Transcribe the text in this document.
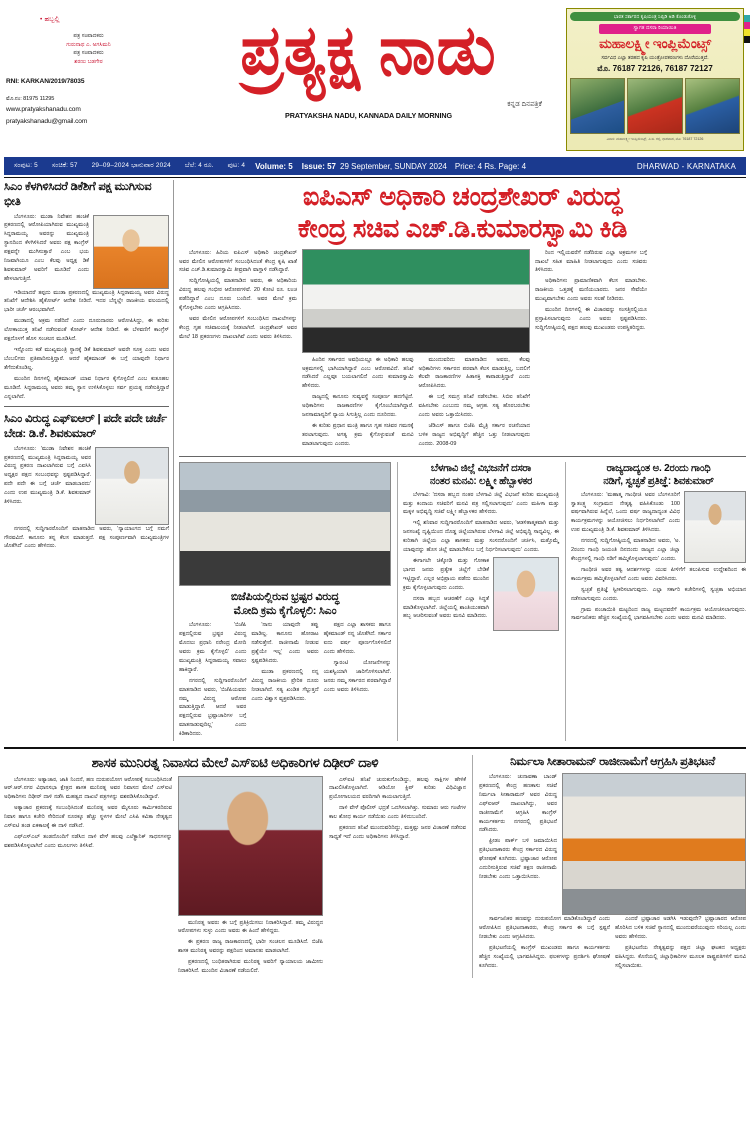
• ಹಬ್ಬಲ್ಲಿ
ಪತ್ರ ಸಂಪಾದಕರು
ಗುರುನಾಥ ಎ. ಅಗಸಿಮನಿ
ಪತ್ರ ಸಂಪಾದಕರು
ಶರಣು ಬಡಗೇರ
RNI: KARKAN/2019/78035
ಮೊ.ನಂ: 81975 11295
www.pratyakshanadu.com
pratyakshanadu@gmail.com
ಪ್ರತ್ಯಕ್ಷ ನಾಡು
ಕನ್ನಡ ದಿನಪತ್ರಿಕೆ
PRATYAKSHA NADU, KANNADA DAILY MORNING
ಭಾರತ ಸರ್ಕಾರದ ಕೃಷಿಯಂತ್ರ ಸಿಬ್ಸಿಡಿ ಅಡಿ ಕೊಂಡುಕೊಳ್ಳಿ
ಸ್ವಾಗತ ದಸರಾ ರಿಯಾಯಿತಿ
ಮಹಾಲಕ್ಷ್ಮೀ ಇಂಪ್ಲಿಮೆಂಟ್ಸ್
ಸರ್ವವಿಧ ಎಲ್ಲಾ ತರಹದ ಕೃಷಿ ಯಂತ್ರೋಪಕರಣಗಳು ದೊರೆಯುತ್ತವೆ.
ಮೊ. 76187 72126, 76187 72127
ವಿಳಾಸ: ಮಹಾಲಕ್ಷ್ಮೀ ಇಂಪ್ಲಿಮೆಂಟ್ಸ್, ಪಿ.ಬಿ. ರಸ್ತೆ, ಧಾರವಾಡ, ಮೊ: 76187 72126
ಸಂಪುಟ: 5 ಸಂಚಿಕೆ: 57 29–09–2024 ಭಾನುವಾರ 2024 ಬೆಲೆ: 4 ರೂ. ಪುಟ: 4 Volume: 5 Issue: 57 29 September, SUNDAY 2024 Price: 4 Rs. Page: 4	DHARWAD - KARNATAKA
ಸಿಎಂ ಕೆಳಗಿಳಿಸಿದರೆ ಡಿಕೆಶಿಗೆ ಪಕ್ಷ ಮುಗಿಸುವ ಭೀತಿ

ಬೆಂಗಳೂರು: ಮುಡಾ ನಿವೇಶನ ಹಂಚಿಕೆ ಪ್ರಕರಣದಲ್ಲಿ ಆರೋಪಿಯಾಗಿರುವ ಮುಖ್ಯಮಂತ್ರಿ ಸಿದ್ದರಾಮಯ್ಯ ಅವರನ್ನು ಮುಖ್ಯಮಂತ್ರಿ ಸ್ಥಾನದಿಂದ ಕೆಳಗಿಳಿಸಿದರೆ ಅವರು ಪಕ್ಷ ಕಾಂಗ್ರೆಸ್ ಪಕ್ಷವನ್ನೇ ಮುಗಿಸುತ್ತಾರೆ ಎಂಬ ಭಯ ನಿಜವಾಗಿಯೂ ಎಂಬ ಕೆಲವು ಅಧ್ಯಕ್ಷ ಡಿಕೆ ಶಿವಕುಮಾರ್ ಅವರಿಗೆ ಮೂಡಿದೆ ಎಂದು ಹೇಳಲಾಗುತ್ತಿದೆ.

ಇಡಿಯಾದರೆ ತಪ್ಪದು ಮುಡಾ ಪ್ರಕರಣದಲ್ಲಿ ಮುಖ್ಯಮಂತ್ರಿ ಸಿದ್ದರಾಮಯ್ಯ ಅವರ ವಿರುದ್ಧ ತನಿಖೆಗೆ ಆದೇಶಿಸಿ ಹೈಕೋರ್ಟ್ ಆದೇಶ ನೀಡಿದೆ. ಇದರ ಬೆನ್ನಲ್ಲೇ ರಾಜಕೀಯ ವಲಯದಲ್ಲಿ ಭಾರೀ ಚರ್ಚೆ ಆರಂಭವಾಗಿದೆ.

ಮುಡಾದಲ್ಲಿ ಅಕ್ರಮ ನಡೆದಿದೆ ಎಂದು ದೂರುದಾರರು ಆರೋಪಿಸಿದ್ದು, ಈ ಕುರಿತು ಲೋಕಾಯುಕ್ತ ತನಿಖೆ ನಡೆಸುವಂತೆ ಕೋರ್ಟ್ ಆದೇಶ ನೀಡಿದೆ. ಈ ಬೆಳವಣಿಗೆ ಕಾಂಗ್ರೆಸ್ ಪಕ್ಷದೊಳಗೆ ಹೊಸ ಸಂಚಲನ ಮೂಡಿಸಿದೆ.

ಇನ್ನೊಂದು ಕಡೆ ಮುಖ್ಯಮಂತ್ರಿ ಸ್ಥಾನಕ್ಕೆ ಡಿಕೆ ಶಿವಕುಮಾರ್ ಅವರೇ ಸೂಕ್ತ ಎಂದು ಅವರ ಬೆಂಬಲಿಗರು ಪ್ರತಿಪಾದಿಸುತ್ತಿದ್ದಾರೆ. ಆದರೆ ಹೈಕಮಾಂಡ್ ಈ ಬಗ್ಗೆ ಯಾವುದೇ ನಿರ್ಧಾರ ತೆಗೆದುಕೊಂಡಿಲ್ಲ.

ಮುಂದಿನ ದಿನಗಳಲ್ಲಿ ಹೈಕಮಾಂಡ್ ಯಾವ ನಿರ್ಧಾರ ಕೈಗೊಳ್ಳಲಿದೆ ಎಂಬ ಕುತೂಹಲ ಮೂಡಿದೆ. ಸಿದ್ದರಾಮಯ್ಯ ಅವರು ತಮ್ಮ ಸ್ಥಾನ ಉಳಿಸಿಕೊಳ್ಳಲು ಸರ್ವ ಪ್ರಯತ್ನ ನಡೆಸುತ್ತಿದ್ದಾರೆ ಎನ್ನಲಾಗಿದೆ.

ಸಿಎಂ ವಿರುದ್ಧ ಎಫ್ಐಆರ್ | ಪದೇ ಪದೇ ಚರ್ಚೆ ಬೇಡ: ಡಿ.ಕೆ. ಶಿವಕುಮಾರ್

ಬೆಂಗಳೂರು: 'ಮುಡಾ ನಿವೇಶನ ಹಂಚಿಕೆ ಪ್ರಕರಣದಲ್ಲಿ ಮುಖ್ಯಮಂತ್ರಿ ಸಿದ್ದರಾಮಯ್ಯ ಅವರ ವಿರುದ್ಧ ಪ್ರಕರಣ ದಾಖಲಾಗಿರುವ ಬಗ್ಗೆ ಎಐಸಿಸಿ ಅಧ್ಯಕ್ಷರ ಪಕ್ಷದ ಸಂಬಂಧವನ್ನು ಸ್ಪಷ್ಟಪಡಿಸಿದ್ದಾರೆ. ಪದೇ ಪದೇ ಈ ಬಗ್ಗೆ ಚರ್ಚೆ ಮಾಡಬಾರದು' ಎಂದು ಉಪ ಮುಖ್ಯಮಂತ್ರಿ ಡಿ.ಕೆ. ಶಿವಕುಮಾರ್ ತಿಳಿಸಿದರು.

ನಗರದಲ್ಲಿ ಸುದ್ದಿಗಾರರೊಂದಿಗೆ ಮಾತನಾಡಿದ ಅವರು, 'ನ್ಯಾಯಾಂಗದ ಬಗ್ಗೆ ನಮಗೆ ಗೌರವವಿದೆ. ಕಾನೂನು ತನ್ನ ಕೆಲಸ ಮಾಡುತ್ತದೆ. ಪಕ್ಷ ಸಂಪೂರ್ಣವಾಗಿ ಮುಖ್ಯಮಂತ್ರಿಗಳ ಜೊತೆಗಿದೆ' ಎಂದು ಹೇಳಿದರು.

ಐಪಿಎಸ್ ಅಧಿಕಾರಿ ಚಂದ್ರಶೇಖರ್ ವಿರುದ್ಧ
ಕೇಂದ್ರ ಸಚಿವ ಎಚ್.ಡಿ.ಕುಮಾರಸ್ವಾಮಿ ಕಿಡಿ

ಬೆಂಗಳೂರು: ಹಿರಿಯ ಐಪಿಎಸ್ ಅಧಿಕಾರಿ ಚಂದ್ರಶೇಖರ್ ಅವರ ಮೇಲಿನ ಆರೋಪಗಳಿಗೆ ಸಂಬಂಧಿಸಿದಂತೆ ಕೇಂದ್ರ ಕೃಷಿ ಖಾತೆ ಸಚಿವ ಎಚ್.ಡಿ.ಕುಮಾರಸ್ವಾಮಿ ತೀವ್ರವಾಗಿ ವಾಗ್ದಾಳಿ ನಡೆಸಿದ್ದಾರೆ.

ಸುದ್ದಿಗೋಷ್ಠಿಯಲ್ಲಿ ಮಾತನಾಡಿದ ಅವರು, ಈ ಅಧಿಕಾರಿಯ ವಿರುದ್ಧ ಹಲವು ಗಂಭೀರ ಆರೋಪಗಳಿವೆ. 20 ಕೋಟಿ ರೂ. ಲಂಚ ಪಡೆದಿದ್ದಾರೆ ಎಂಬ ದೂರು ಬಂದಿದೆ. ಅವರ ಮೇಲೆ ಕ್ರಮ ಕೈಗೊಳ್ಳಬೇಕು ಎಂದು ಆಗ್ರಹಿಸಿದರು.

ಅವರ ಮೇಲಿನ ಆರೋಪಗಳಿಗೆ ಸಂಬಂಧಿಸಿದ ದಾಖಲೆಗಳನ್ನು ಕೇಂದ್ರ ಗೃಹ ಸಚಿವಾಲಯಕ್ಕೆ ನೀಡಲಾಗಿದೆ. ಚಂದ್ರಶೇಖರ್ ಅವರ ಮೇಲೆ 18 ಪ್ರಕರಣಗಳು ದಾಖಲಾಗಿವೆ ಎಂದು ಅವರು ತಿಳಿಸಿದರು.

ಹಿಂದಿನ ಸರ್ಕಾರದ ಅವಧಿಯಲ್ಲೂ ಈ ಅಧಿಕಾರಿ ಹಲವು ಅಕ್ರಮಗಳಲ್ಲಿ ಭಾಗಿಯಾಗಿದ್ದಾರೆ ಎಂಬ ಆರೋಪವಿದೆ. ತನಿಖೆ ನಡೆಸಿದರೆ ಎಲ್ಲವೂ ಬಯಲಾಗಲಿದೆ ಎಂದು ಕುಮಾರಸ್ವಾಮಿ ಹೇಳಿದರು.

ರಾಜ್ಯದಲ್ಲಿ ಕಾನೂನು ಸುವ್ಯವಸ್ಥೆ ಸಂಪೂರ್ಣ ಹದಗೆಟ್ಟಿದೆ. ಅಧಿಕಾರಿಗಳು ರಾಜಕಾರಣಿಗಳ ಕೈಗೊಂಬೆಯಾಗಿದ್ದಾರೆ. ಜನಸಾಮಾನ್ಯರಿಗೆ ನ್ಯಾಯ ಸಿಗುತ್ತಿಲ್ಲ ಎಂದು ದೂರಿದರು.

ಈ ಕುರಿತು ಪ್ರಧಾನ ಮಂತ್ರಿ ಹಾಗೂ ಗೃಹ ಸಚಿವರ ಗಮನಕ್ಕೆ ತರಲಾಗುವುದು. ಅಗತ್ಯ ಕ್ರಮ ಕೈಗೊಳ್ಳುವಂತೆ ಮನವಿ ಮಾಡಲಾಗುವುದು ಎಂದರು.

ಮುಂದುವರಿದು ಮಾತನಾಡಿದ ಅವರು, ಕೆಲವು ಅಧಿಕಾರಿಗಳು ಸರ್ಕಾರದ ಪರವಾಗಿ ಕೆಲಸ ಮಾಡುತ್ತಿಲ್ಲ, ಬದಲಿಗೆ ಕೆಲವೇ ರಾಜಕಾರಣಿಗಳ ಹಿತಾಸಕ್ತಿ ಕಾಪಾಡುತ್ತಿದ್ದಾರೆ ಎಂದು ಆರೋಪಿಸಿದರು.

ಈ ಬಗ್ಗೆ ಸಮಗ್ರ ತನಿಖೆ ನಡೆಸಬೇಕು. ಸಿಬಿಐ ತನಿಖೆಗೆ ವಹಿಸಬೇಕು ಎಂಬುದು ನಮ್ಮ ಆಗ್ರಹ. ಸತ್ಯ ಹೊರಬರಬೇಕು ಎಂದು ಅವರು ಒತ್ತಾಯಿಸಿದರು.

ಜೆಡಿಎಸ್ ಹಾಗೂ ಬಿಜೆಪಿ ಮೈತ್ರಿ ಸರ್ಕಾರ ರಚನೆಯಾದ ಬಳಿಕ ರಾಜ್ಯದ ಅಭಿವೃದ್ಧಿಗೆ ಹೆಚ್ಚಿನ ಒತ್ತು ನೀಡಲಾಗುವುದು ಎಂದರು. 2008-09

ರಿಂದ ಇಲ್ಲಿಯವರೆಗೆ ನಡೆದಿರುವ ಎಲ್ಲಾ ಅಕ್ರಮಗಳ ಬಗ್ಗೆ ದಾಖಲೆ ಸಹಿತ ಮಾಹಿತಿ ನೀಡಲಾಗುವುದು ಎಂದು ಸಚಿವರು ತಿಳಿಸಿದರು.

ಅಧಿಕಾರಿಗಳು ಪ್ರಾಮಾಣಿಕವಾಗಿ ಕೆಲಸ ಮಾಡಬೇಕು. ರಾಜಕೀಯ ಒತ್ತಡಕ್ಕೆ ಮಣಿಯಬಾರದು. ಜನರ ಸೇವೆಯೇ ಮುಖ್ಯವಾಗಬೇಕು ಎಂದು ಅವರು ಸಲಹೆ ನೀಡಿದರು.

ಮುಂದಿನ ದಿನಗಳಲ್ಲಿ ಈ ವಿಚಾರವನ್ನು ಸಂಸತ್ತಿನಲ್ಲಿಯೂ ಪ್ರಸ್ತಾಪಿಸಲಾಗುವುದು ಎಂದು ಅವರು ಸ್ಪಷ್ಟಪಡಿಸಿದರು. ಸುದ್ದಿಗೋಷ್ಠಿಯಲ್ಲಿ ಪಕ್ಷದ ಹಲವು ಮುಖಂಡರು ಉಪಸ್ಥಿತರಿದ್ದರು.

ಬಿಜೆಪಿಯಲ್ಲಿರುವ ಭ್ರಷ್ಟರ ವಿರುದ್ಧ
ಮೋದಿ ಕ್ರಮ ಕೈಗೊಳ್ಳಲಿ: ಸಿಎಂ

ಬೆಂಗಳೂರು: 'ಬಿಜೆಪಿ ಪಕ್ಷದಲ್ಲಿರುವ ಭ್ರಷ್ಟರ ವಿರುದ್ಧ ಮೊದಲು ಪ್ರಧಾನಿ ನರೇಂದ್ರ ಮೋದಿ ಅವರು ಕ್ರಮ ಕೈಗೊಳ್ಳಲಿ' ಎಂದು ಮುಖ್ಯಮಂತ್ರಿ ಸಿದ್ದರಾಮಯ್ಯ ಸವಾಲು ಹಾಕಿದ್ದಾರೆ.

ನಗರದಲ್ಲಿ ಸುದ್ದಿಗಾರರೊಂದಿಗೆ ಮಾತನಾಡಿದ ಅವರು, 'ಬಿಜೆಪಿಯವರು ನಮ್ಮ ವಿರುದ್ಧ ಆರೋಪ ಮಾಡುತ್ತಿದ್ದಾರೆ. ಆದರೆ ಅವರ ಪಕ್ಷದಲ್ಲಿರುವ ಭ್ರಷ್ಟಾಚಾರಿಗಳ ಬಗ್ಗೆ ಮಾತನಾಡುವುದಿಲ್ಲ' ಎಂದು ಕಿಡಿಕಾರಿದರು.

'ನಾನು ಯಾವುದೇ ತಪ್ಪು ಮಾಡಿಲ್ಲ. ಕಾನೂನು ಹೋರಾಟ ನಡೆಸುತ್ತೇನೆ. ರಾಜೀನಾಮೆ ನೀಡುವ ಪ್ರಶ್ನೆಯೇ ಇಲ್ಲ' ಎಂದು ಅವರು ಸ್ಪಷ್ಟಪಡಿಸಿದರು.

ಮುಡಾ ಪ್ರಕರಣದಲ್ಲಿ ನನ್ನ ವಿರುದ್ಧ ರಾಜಕೀಯ ಪ್ರೇರಿತ ದೂರು ನೀಡಲಾಗಿದೆ. ಸತ್ಯ ಖಂಡಿತ ಗೆಲ್ಲುತ್ತದೆ ಎಂದು ವಿಶ್ವಾಸ ವ್ಯಕ್ತಪಡಿಸಿದರು.

ಪಕ್ಷದ ಎಲ್ಲಾ ಶಾಸಕರು ಹಾಗೂ ಹೈಕಮಾಂಡ್ ನನ್ನ ಜೊತೆಗಿದೆ. ಸರ್ಕಾರ ಐದು ವರ್ಷ ಪೂರ್ಣಗೊಳಿಸಲಿದೆ ಎಂದು ಹೇಳಿದರು.

ಗ್ಯಾರಂಟಿ ಯೋಜನೆಗಳನ್ನು ಯಶಸ್ವಿಯಾಗಿ ಜಾರಿಗೊಳಿಸಲಾಗಿದೆ. ಜನರು ನಮ್ಮ ಸರ್ಕಾರದ ಪರವಾಗಿದ್ದಾರೆ ಎಂದು ಅವರು ತಿಳಿಸಿದರು.

ಬೆಳಗಾವಿ ಜಿಲ್ಲೆ ವಿಭಜನೆಗೆ ದಸರಾ
ನಂತರ ಮನವಿ: ಲಕ್ಷ್ಮೀ ಹೆಬ್ಬಾಳಕರ

ಬೆಳಗಾವಿ: 'ದಸರಾ ಹಬ್ಬದ ನಂತರ ಬೆಳಗಾವಿ ಜಿಲ್ಲೆ ವಿಭಜನೆ ಕುರಿತು ಮುಖ್ಯಮಂತ್ರಿ ಮತ್ತು ಕಂದಾಯ ಸಚಿವರಿಗೆ ಮನವಿ ಪತ್ರ ಸಲ್ಲಿಸಲಾಗುವುದು' ಎಂದು ಮಹಿಳಾ ಮತ್ತು ಮಕ್ಕಳ ಅಭಿವೃದ್ಧಿ ಸಚಿವೆ ಲಕ್ಷ್ಮೀ ಹೆಬ್ಬಾಳಕರ ಹೇಳಿದರು.

ಇಲ್ಲಿ ಶನಿವಾರ ಸುದ್ದಿಗಾರರೊಂದಿಗೆ ಮಾತನಾಡಿದ ಅವರು, 'ಆಡಳಿತಾತ್ಮಕವಾಗಿ ಮತ್ತು ಜನಸಂಖ್ಯೆ ದೃಷ್ಟಿಯಿಂದ ದೊಡ್ಡ ಜಿಲ್ಲೆಯಾಗಿರುವ ಬೆಳಗಾವಿ ಜಿಲ್ಲೆ ಅಭಿವೃದ್ಧಿ ಸಾಧ್ಯವಿಲ್ಲ. ಈ ಕುರಿತಾಗಿ ಜಿಲ್ಲೆಯ ಎಲ್ಲಾ ಶಾಸಕರು ಮತ್ತು ಸಂಸದರೊಂದಿಗೆ ಚರ್ಚಿಸಿ, ಮತ್ತೊಮ್ಮೆ ಯಾವುದನ್ನು ಹೊಸ ಜಿಲ್ಲೆ ಮಾಡಬೇಕೆಂಬ ಬಗ್ಗೆ ನಿರ್ಧರಿಸಲಾಗುವುದು' ಎಂದರು.

ಈಗಾಗಲೇ ಚಿಕ್ಕೋಡಿ ಮತ್ತು ಗೋಕಾಕ ಭಾಗದ ಜನರು ಪ್ರತ್ಯೇಕ ಜಿಲ್ಲೆಗೆ ಬೇಡಿಕೆ ಇಟ್ಟಿದ್ದಾರೆ. ಎಲ್ಲರ ಅಭಿಪ್ರಾಯ ಪಡೆದು ಮುಂದಿನ ಕ್ರಮ ಕೈಗೊಳ್ಳಲಾಗುವುದು ಎಂದರು.

ದಸರಾ ಹಬ್ಬದ ಆಚರಣೆಗೆ ಎಲ್ಲಾ ಸಿದ್ಧತೆ ಮಾಡಿಕೊಳ್ಳಲಾಗಿದೆ. ಜಿಲ್ಲೆಯಲ್ಲಿ ಶಾಂತಿಯುತವಾಗಿ ಹಬ್ಬ ಆಚರಿಸುವಂತೆ ಅವರು ಮನವಿ ಮಾಡಿದರು.

ರಾಜ್ಯದಾದ್ಯಂತ ಅ. 2ರಂದು ಗಾಂಧಿ
ನಡಿಗೆ, ಸ್ವಚ್ಛತೆ ಪ್ರತಿಜ್ಞೆ: ಶಿವಕುಮಾರ್

ಬೆಂಗಳೂರು: 'ಮಹಾತ್ಮ ಗಾಂಧೀಜಿ ಅವರ ಬೆಂಗಳೂರಿಗೆ ಸ್ವಾತಂತ್ರ್ಯ ಸಂಗ್ರಾಮದ ನೇತೃತ್ವ ವಹಿಸಿಕೊಂಡು 100 ವರ್ಷವಾಗಿರುವ ಹಿನ್ನೆಲೆ, ಒಂದು ವರ್ಷ ರಾಜ್ಯದಾದ್ಯಂತ ವಿವಿಧ ಕಾರ್ಯಕ್ರಮಗಳನ್ನು ಆಯೋಜಿಸಲು ನಿರ್ಧರಿಸಲಾಗಿದೆ' ಎಂದು ಉಪ ಮುಖ್ಯಮಂತ್ರಿ ಡಿ.ಕೆ. ಶಿವಕುಮಾರ್ ತಿಳಿಸಿದರು.

ನಗರದಲ್ಲಿ ಸುದ್ದಿಗೋಷ್ಠಿಯಲ್ಲಿ ಮಾತನಾಡಿದ ಅವರು, 'ಅ. 2ರಂದು ಗಾಂಧಿ ಜಯಂತಿ ದಿನದಂದು ರಾಜ್ಯದ ಎಲ್ಲಾ ಜಿಲ್ಲಾ ಕೇಂದ್ರಗಳಲ್ಲಿ ಗಾಂಧಿ ನಡಿಗೆ ಹಮ್ಮಿಕೊಳ್ಳಲಾಗುವುದು' ಎಂದರು.

ಗಾಂಧೀಜಿ ಅವರ ತತ್ವ ಆದರ್ಶಗಳನ್ನು ಯುವ ಪೀಳಿಗೆಗೆ ತಲುಪಿಸುವ ಉದ್ದೇಶದಿಂದ ಈ ಕಾರ್ಯಕ್ರಮ ಹಮ್ಮಿಕೊಳ್ಳಲಾಗಿದೆ ಎಂದು ಅವರು ವಿವರಿಸಿದರು.

ಸ್ವಚ್ಛತೆ ಪ್ರತಿಜ್ಞೆ ಸ್ವೀಕರಿಸಲಾಗುವುದು. ಎಲ್ಲಾ ಸರ್ಕಾರಿ ಕಚೇರಿಗಳಲ್ಲಿ ಸ್ವಚ್ಛತಾ ಅಭಿಯಾನ ನಡೆಸಲಾಗುವುದು ಎಂದರು.

ಗ್ರಾಮ ಪಂಚಾಯಿತಿ ಮಟ್ಟದಿಂದ ರಾಜ್ಯ ಮಟ್ಟದವರೆಗೆ ಕಾರ್ಯಕ್ರಮ ಆಯೋಜಿಸಲಾಗುವುದು. ಸಾರ್ವಜನಿಕರು ಹೆಚ್ಚಿನ ಸಂಖ್ಯೆಯಲ್ಲಿ ಭಾಗವಹಿಸಬೇಕು ಎಂದು ಅವರು ಮನವಿ ಮಾಡಿದರು.

ಶಾಸಕ ಮುನಿರತ್ನ ನಿವಾಸದ ಮೇಲೆ ಎಸ್ಐಟಿ ಅಧಿಕಾರಿಗಳ ದಿಢೀರ್ ದಾಳಿ

ಬೆಂಗಳೂರು: ಅತ್ಯಾಚಾರ, ಜಾತಿ ನಿಂದನೆ, ಹಣ ದುರುಪಯೋಗ ಆರೋಪಕ್ಕೆ ಸಂಬಂಧಿಸಿದಂತೆ ಆರ್.ಆರ್.ನಗರ ವಿಧಾನಸಭಾ ಕ್ಷೇತ್ರದ ಶಾಸಕ ಮುನಿರತ್ನ ಅವರ ನಿವಾಸದ ಮೇಲೆ ಎಸ್ಐಟಿ ಅಧಿಕಾರಿಗಳು ದಿಢೀರ್ ದಾಳಿ ನಡೆಸಿ ಮಹತ್ವದ ದಾಖಲೆ ಪತ್ರಗಳನ್ನು ವಶಪಡಿಸಿಕೊಂಡಿದ್ದಾರೆ.

ಅತ್ಯಾಚಾರ ಪ್ರಕರಣಕ್ಕೆ ಸಂಬಂಧಿಸಿದಂತೆ ಮುನಿರತ್ನ ಅವರ ಮೈಸೂರು ಕಾರ್ಮಿಕರದಿರುವ ನಿವಾಸ ಹಾಗೂ ಕಚೇರಿ ಸೇರಿದಂತೆ ನೂರಕ್ಕೂ ಹೆಚ್ಚು ಸ್ಥಳಗಳ ಮೇಲೆ ಎಸಿಪಿ ಕವಿತಾ ನೇತೃತ್ವದ ಎಸ್ಐಟಿ ತಂಡ ಏಕಕಾಲಕ್ಕೆ ಈ ದಾಳಿ ನಡೆಸಿದೆ.

ಎಫ್ಎಸ್ಎಲ್ ತಂಡದೊಂದಿಗೆ ನಡೆಸಿದ ದಾಳಿ ವೇಳೆ ಹಲವು ಎಲೆಕ್ಟ್ರಾನಿಕ್ ಸಾಧನಗಳನ್ನು ವಶಪಡಿಸಿಕೊಳ್ಳಲಾಗಿದೆ ಎಂದು ಮೂಲಗಳು ತಿಳಿಸಿವೆ.

ಮುನಿರತ್ನ ಅವರು ಈ ಬಗ್ಗೆ ಪ್ರತಿಕ್ರಿಯಿಸಲು ನಿರಾಕರಿಸಿದ್ದಾರೆ. ತಮ್ಮ ವಿರುದ್ಧದ ಆರೋಪಗಳು ಸುಳ್ಳು ಎಂದು ಅವರು ಈ ಹಿಂದೆ ಹೇಳಿದ್ದರು.

ಈ ಪ್ರಕರಣ ರಾಜ್ಯ ರಾಜಕಾರಣದಲ್ಲಿ ಭಾರೀ ಸಂಚಲನ ಮೂಡಿಸಿದೆ. ಬಿಜೆಪಿ ಶಾಸಕ ಮುನಿರತ್ನ ಅವರನ್ನು ಪಕ್ಷದಿಂದ ಅಮಾನತು ಮಾಡಲಾಗಿದೆ.

ಪ್ರಕರಣದಲ್ಲಿ ಬಂಧಿತರಾಗಿರುವ ಮುನಿರತ್ನ ಅವರಿಗೆ ನ್ಯಾಯಾಲಯ ಜಾಮೀನು ನಿರಾಕರಿಸಿದೆ. ಮುಂದಿನ ವಿಚಾರಣೆ ನಡೆಯಲಿದೆ.

ಎಸ್ಐಟಿ ತನಿಖೆ ಚುರುಕುಗೊಂಡಿದ್ದು, ಹಲವು ಸಾಕ್ಷಿಗಳ ಹೇಳಿಕೆ ದಾಖಲಿಸಿಕೊಳ್ಳಲಾಗಿದೆ. ಆಡಿಯೋ ಕ್ಲಿಪ್ ಕುರಿತು ವಿಧಿವಿಜ್ಞಾನ ಪ್ರಯೋಗಾಲಯದ ವರದಿಗಾಗಿ ಕಾಯಲಾಗುತ್ತಿದೆ.

ದಾಳಿ ವೇಳೆ ಪೊಲೀಸ್ ಭದ್ರತೆ ಒದಗಿಸಲಾಗಿತ್ತು. ಸುಮಾರು ಆರು ಗಂಟೆಗಳ ಕಾಲ ಶೋಧ ಕಾರ್ಯ ನಡೆಯಿತು ಎಂದು ತಿಳಿದುಬಂದಿದೆ.

ಪ್ರಕರಣದ ತನಿಖೆ ಮುಂದುವರಿದಿದ್ದು, ಮತ್ತಷ್ಟು ಜನರ ವಿಚಾರಣೆ ನಡೆಸುವ ಸಾಧ್ಯತೆ ಇದೆ ಎಂದು ಅಧಿಕಾರಿಗಳು ತಿಳಿಸಿದ್ದಾರೆ.

ನಿರ್ಮಲಾ ಸೀತಾರಾಮನ್ ರಾಜೀನಾಮೆಗೆ ಆಗ್ರಹಿಸಿ ಪ್ರತಿಭಟನೆ

ಬೆಂಗಳೂರು: ಚುನಾವಣಾ ಬಾಂಡ್ ಪ್ರಕರಣದಲ್ಲಿ ಕೇಂದ್ರ ಹಣಕಾಸು ಸಚಿವೆ ನಿರ್ಮಲಾ ಸೀತಾರಾಮನ್ ಅವರ ವಿರುದ್ಧ ಎಫ್ಐಆರ್ ದಾಖಲಾಗಿದ್ದು, ಅವರ ರಾಜೀನಾಮೆಗೆ ಆಗ್ರಹಿಸಿ ಕಾಂಗ್ರೆಸ್ ಕಾರ್ಯಕರ್ತರು ನಗರದಲ್ಲಿ ಪ್ರತಿಭಟನೆ ನಡೆಸಿದರು.

ಫ್ರೀಡಂ ಪಾರ್ಕ್ ಬಳಿ ಜಮಾಯಿಸಿದ ಪ್ರತಿಭಟನಾಕಾರರು ಕೇಂದ್ರ ಸರ್ಕಾರದ ವಿರುದ್ಧ ಘೋಷಣೆ ಕೂಗಿದರು. ಭ್ರಷ್ಟಾಚಾರ ಆರೋಪ ಎದುರಿಸುತ್ತಿರುವ ಸಚಿವೆ ತಕ್ಷಣ ರಾಜೀನಾಮೆ ನೀಡಬೇಕು ಎಂದು ಒತ್ತಾಯಿಸಿದರು.

ಸಾರ್ವಜನಿಕರ ಹಣವನ್ನು ದುರುಪಯೋಗ ಮಾಡಿಕೊಂಡಿದ್ದಾರೆ ಎಂದು ಆರೋಪಿಸಿದ ಪ್ರತಿಭಟನಾಕಾರರು, ಕೇಂದ್ರ ಸರ್ಕಾರ ಈ ಬಗ್ಗೆ ಸ್ಪಷ್ಟನೆ ನೀಡಬೇಕು ಎಂದು ಆಗ್ರಹಿಸಿದರು.

ಪ್ರತಿಭಟನೆಯಲ್ಲಿ ಕಾಂಗ್ರೆಸ್ ಮುಖಂಡರು ಹಾಗೂ ಕಾರ್ಯಕರ್ತರು ಹೆಚ್ಚಿನ ಸಂಖ್ಯೆಯಲ್ಲಿ ಭಾಗವಹಿಸಿದ್ದರು. ಫಲಕಗಳನ್ನು ಪ್ರದರ್ಶಿಸಿ ಘೋಷಣೆ ಕೂಗಿದರು.

ಎಂದರೆ ಭ್ರಷ್ಟಾಚಾರ ಅಡಗಿಸಿ ಇಡುವುದೇ? ಭ್ರಷ್ಟಾಚಾರದ ಆರೋಪ ಹೊರಿಸಿದ ಬಳಿಕ ಸಚಿವೆ ಸ್ಥಾನದಲ್ಲಿ ಮುಂದುವರೆಯುವುದು ಸರಿಯಲ್ಲ ಎಂದು ಅವರು ಹೇಳಿದರು.

ಪ್ರತಿಭಟನೆಯ ನೇತೃತ್ವವನ್ನು ಪಕ್ಷದ ಜಿಲ್ಲಾ ಘಟಕದ ಅಧ್ಯಕ್ಷರು ವಹಿಸಿದ್ದರು. ಕೊನೆಯಲ್ಲಿ ಜಿಲ್ಲಾಧಿಕಾರಿಗಳ ಮೂಲಕ ರಾಷ್ಟ್ರಪತಿಗಳಿಗೆ ಮನವಿ ಸಲ್ಲಿಸಲಾಯಿತು.
